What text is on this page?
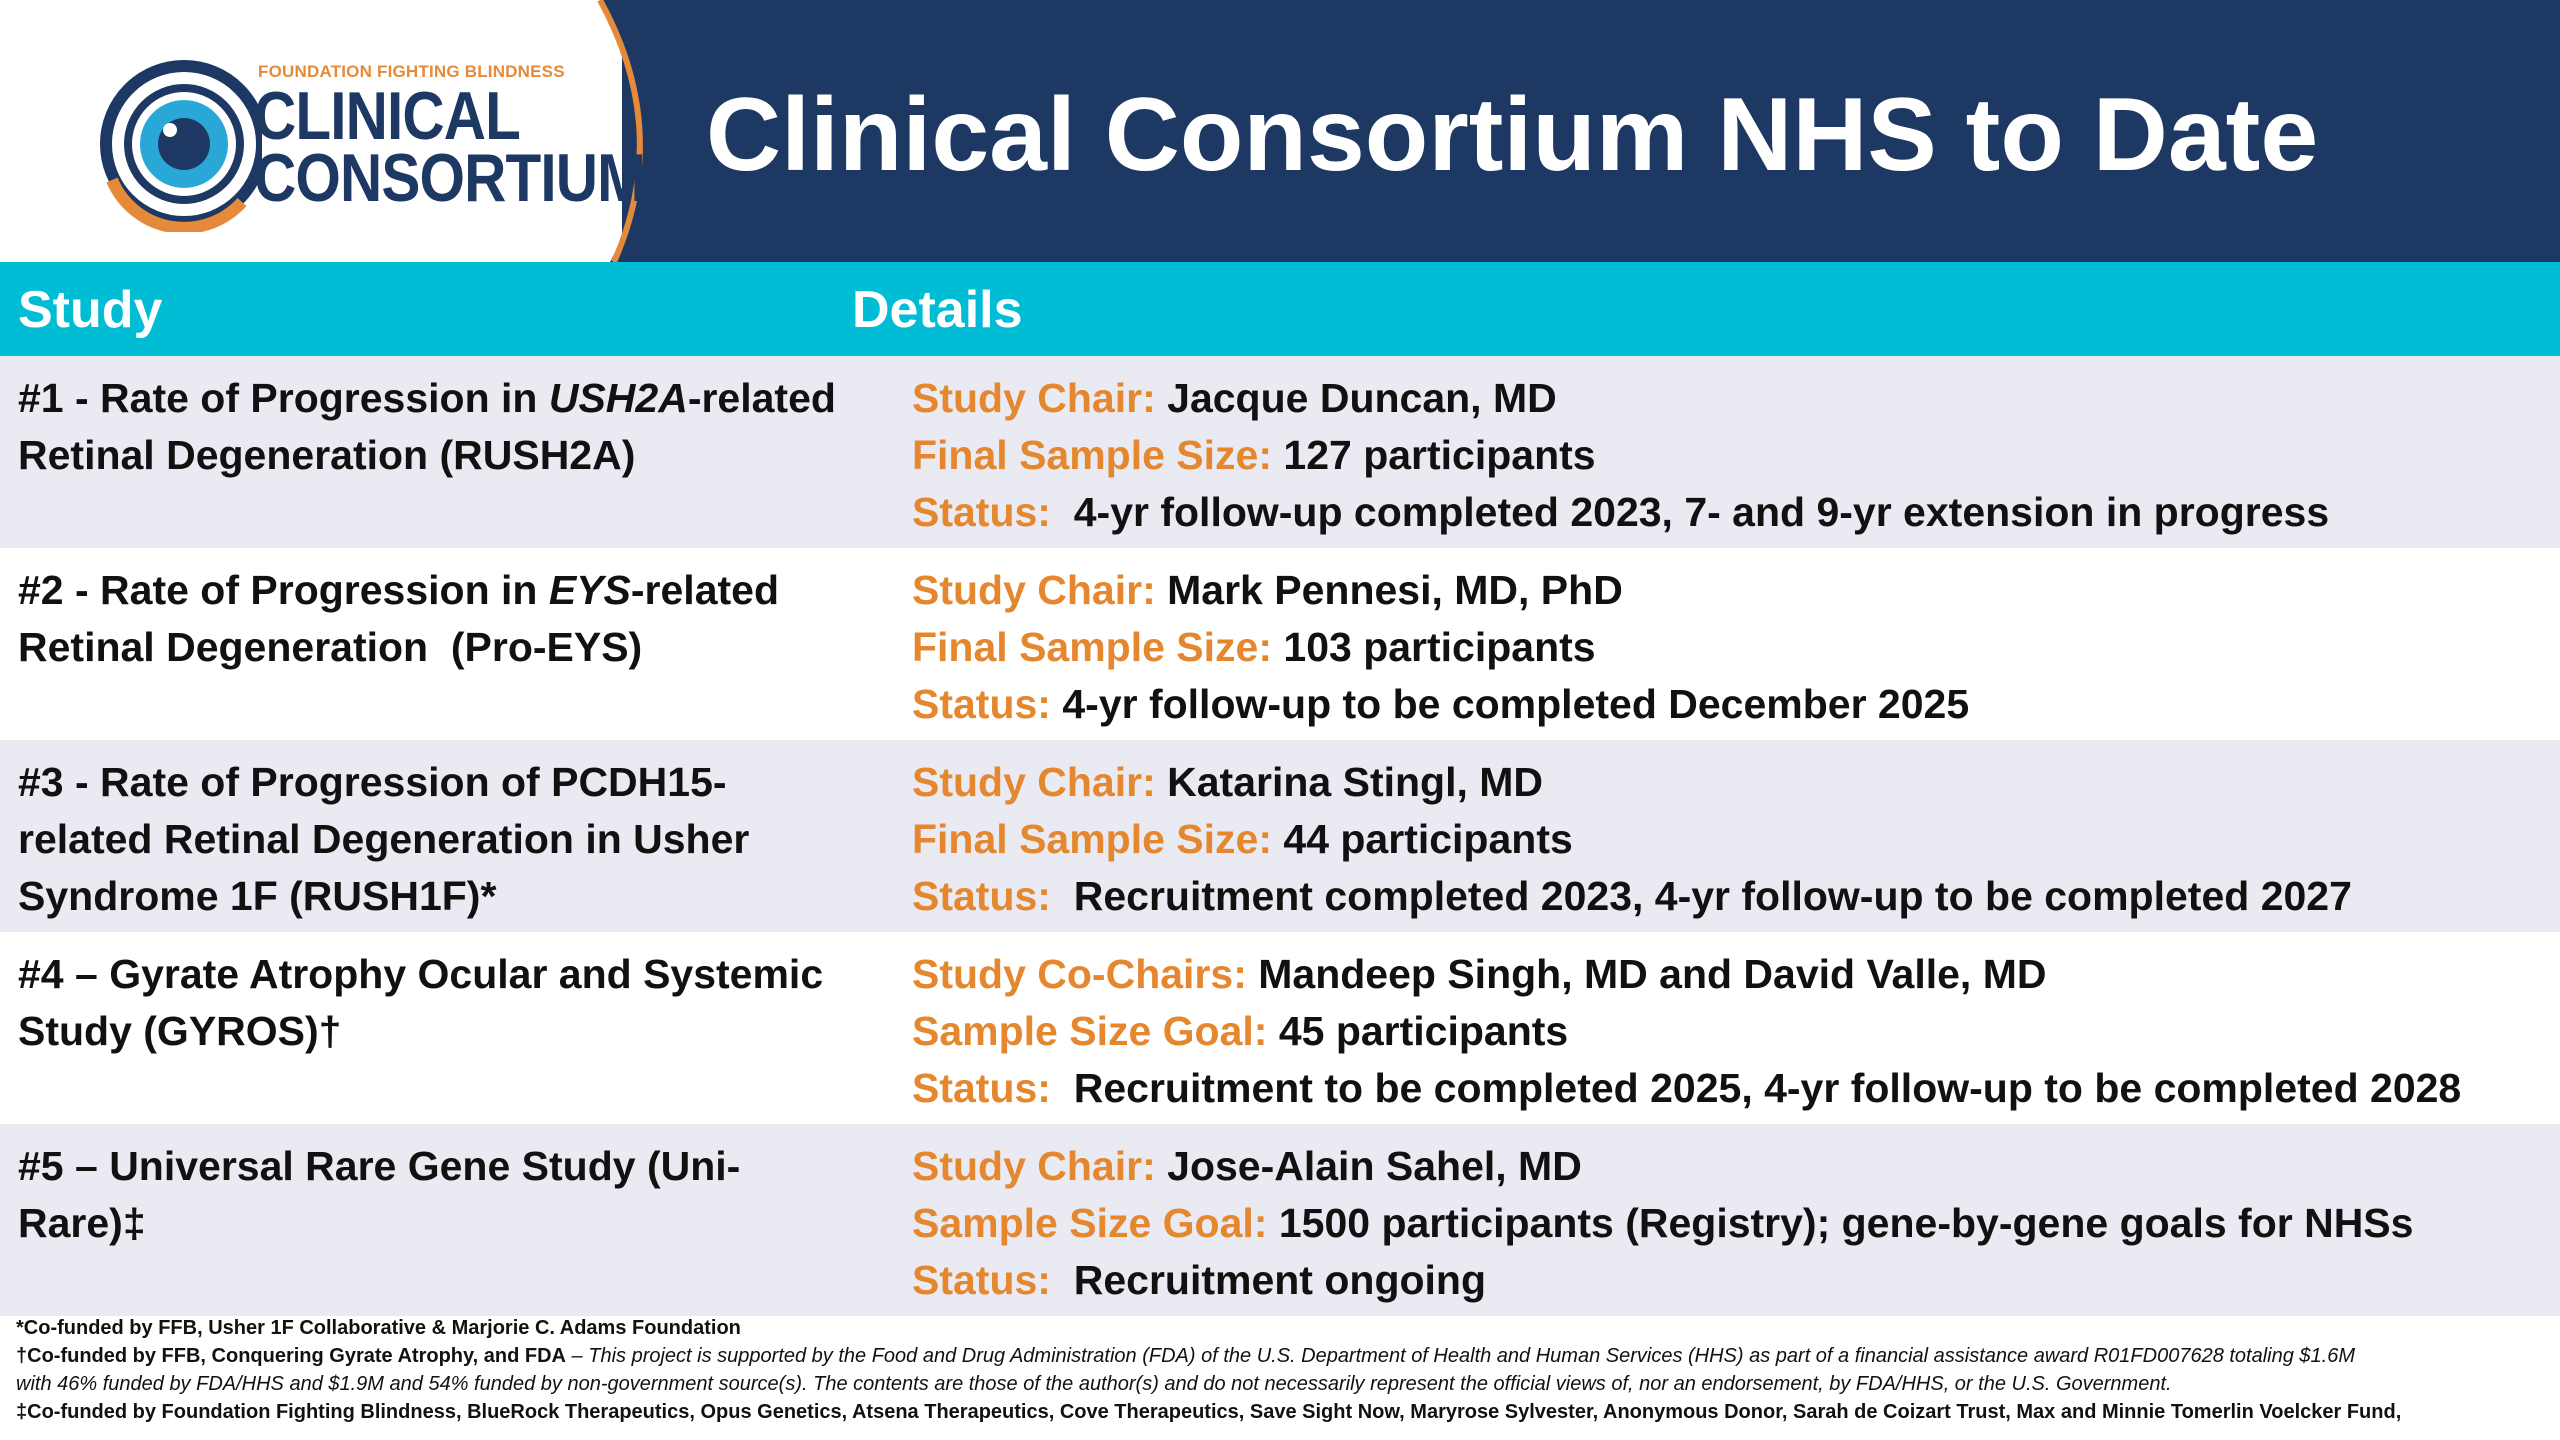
FOUNDATION FIGHTING BLINDNESS
CLINICAL
CONSORTIUM Clinical Consortium NHS to Date
Study	Details
#1 - Rate of Progression in USH2A-related Retinal Degeneration (RUSH2A)
Study Chair: Jacque Duncan, MD
Final Sample Size: 127 participants
Status:  4-yr follow-up completed 2023, 7- and 9-yr extension in progress
#2 - Rate of Progression in EYS-related Retinal Degeneration  (Pro-EYS)
Study Chair: Mark Pennesi, MD, PhD
Final Sample Size: 103 participants
Status: 4-yr follow-up to be completed December 2025
#3 - Rate of Progression of PCDH15-related Retinal Degeneration in Usher Syndrome 1F (RUSH1F)*
Study Chair: Katarina Stingl, MD
Final Sample Size: 44 participants
Status:  Recruitment completed 2023, 4-yr follow-up to be completed 2027
#4 – Gyrate Atrophy Ocular and Systemic Study (GYROS)†
Study Co-Chairs: Mandeep Singh, MD and David Valle, MD
Sample Size Goal: 45 participants
Status:  Recruitment to be completed 2025, 4-yr follow-up to be completed 2028
#5 – Universal Rare Gene Study (Uni-Rare)‡
Study Chair: Jose-Alain Sahel, MD
Sample Size Goal: 1500 participants (Registry); gene-by-gene goals for NHSs
Status:  Recruitment ongoing
*Co-funded by FFB, Usher 1F Collaborative & Marjorie C. Adams Foundation
†Co-funded by FFB, Conquering Gyrate Atrophy, and FDA – This project is supported by the Food and Drug Administration (FDA) of the U.S. Department of Health and Human Services (HHS) as part of a financial assistance award R01FD007628 totaling $1.6M
with 46% funded by FDA/HHS and $1.9M and 54% funded by non-government source(s). The contents are those of the author(s) and do not necessarily represent the official views of, nor an endorsement, by FDA/HHS, or the U.S. Government.
‡Co-funded by Foundation Fighting Blindness, BlueRock Therapeutics, Opus Genetics, Atsena Therapeutics, Cove Therapeutics, Save Sight Now, Maryrose Sylvester, Anonymous Donor, Sarah de Coizart Trust, Max and Minnie Tomerlin Voelcker Fund,
